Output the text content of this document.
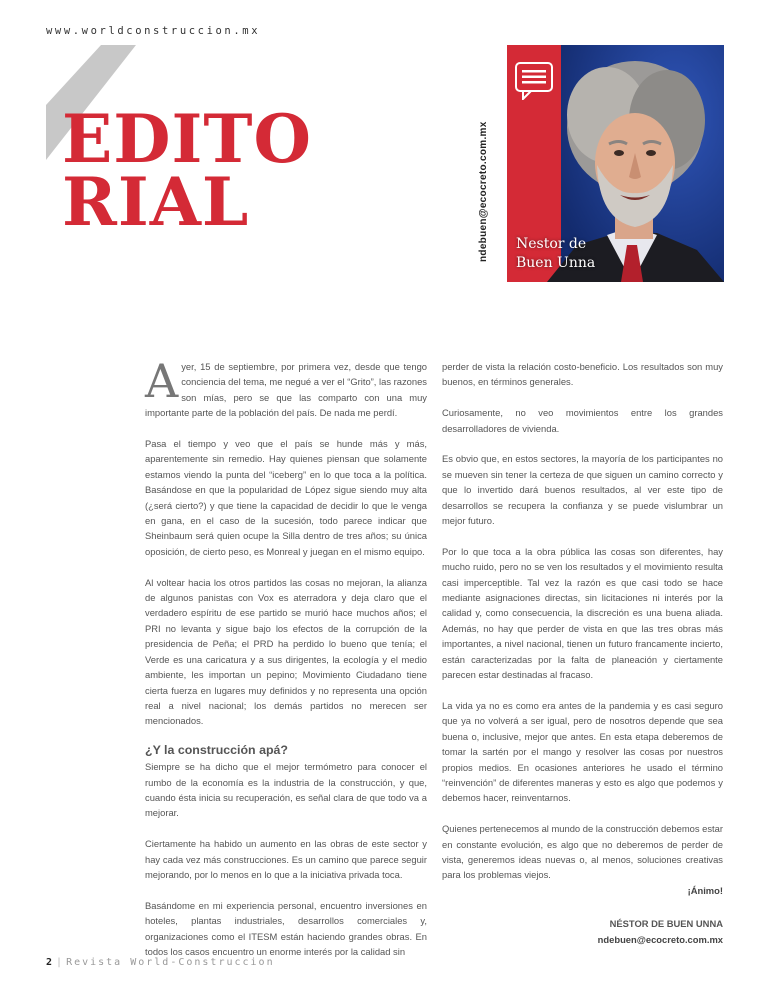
www.worldconstruccion.mx
EDITO
RIAL	ndebuen@ecocreto.com.mx Nestor de
Buen Unna

Ayer, 15 de septiembre, por primera vez, desde que tengo conciencia del tema, me negué a ver el “Grito”, las razones son mías, pero se que las comparto con una muy importante parte de la población del país. De nada me perdí.

Pasa el tiempo y veo que el país se hunde más y más, aparentemente sin remedio. Hay quienes piensan que solamente estamos viendo la punta del “iceberg” en lo que toca a la política. Basándose en que la popularidad de López sigue siendo muy alta (¿será cierto?) y que tiene la capacidad de decidir lo que le venga en gana, en el caso de la sucesión, todo parece indicar que Sheinbaum será quien ocupe la Silla dentro de tres años; su única oposición, de cierto peso, es Monreal y juegan en el mismo equipo.

Al voltear hacia los otros partidos las cosas no mejoran, la alianza de algunos panistas con Vox es aterradora y deja claro que el verdadero espíritu de ese partido se murió hace muchos años; el PRI no levanta y sigue bajo los efectos de la corrupción de la presidencia de Peña; el PRD ha perdido lo bueno que tenía; el Verde es una caricatura y a sus dirigentes, la ecología y el medio ambiente, les importan un pepino; Movimiento Ciudadano tiene cierta fuerza en lugares muy definidos y no representa una opción real a nivel nacional; los demás partidos no merecen ser mencionados.

¿Y la construcción apá?

Siempre se ha dicho que el mejor termómetro para conocer el rumbo de la economía es la industria de la construcción, y que, cuando ésta inicia su recuperación, es señal clara de que todo va a mejorar.

Ciertamente ha habido un aumento en las obras de este sector y hay cada vez más construcciones. Es un camino que parece seguir mejorando, por lo menos en lo que a la iniciativa privada toca.

Basándome en mi experiencia personal, encuentro inversiones en hoteles, plantas industriales, desarrollos comerciales y, organizaciones como el ITESM están haciendo grandes obras. En todos los casos encuentro un enorme interés por la calidad sin

perder de vista la relación costo-beneficio. Los resultados son muy buenos, en términos generales.

Curiosamente, no veo movimientos entre los grandes desarrolladores de vivienda.

Es obvio que, en estos sectores, la mayoría de los participantes no se mueven sin tener la certeza de que siguen un camino correcto y que lo invertido dará buenos resultados, al ver este tipo de desarrollos se recupera la confianza y se puede vislumbrar un mejor futuro.

Por lo que toca a la obra pública las cosas son diferentes, hay mucho ruido, pero no se ven los resultados y el movimiento resulta casi imperceptible. Tal vez la razón es que casi todo se hace mediante asignaciones directas, sin licitaciones ni interés por la calidad y, como consecuencia, la discreción es una buena aliada. Además, no hay que perder de vista en que las tres obras más importantes, a nivel nacional, tienen un futuro francamente incierto, están caracterizadas por la falta de planeación y ciertamente parecen estar destinadas al fracaso.

La vida ya no es como era antes de la pandemia y es casi seguro que ya no volverá a ser igual, pero de nosotros depende que sea buena o, inclusive, mejor que antes. En esta etapa deberemos de tomar la sartén por el mango y resolver las cosas por nuestros propios medios. En ocasiones anteriores he usado el término “reinvención” de diferentes maneras y esto es algo que podemos y debemos hacer, reinventarnos.

Quienes pertenecemos al mundo de la construcción debemos estar en constante evolución, es algo que no deberemos de perder de vista, generemos ideas nuevas o, al menos, soluciones creativas para los problemas viejos.

¡Ánimo!
NÉSTOR DE BUEN UNNA
ndebuen@ecocreto.com.mx
2 | Revista World-Construccion
